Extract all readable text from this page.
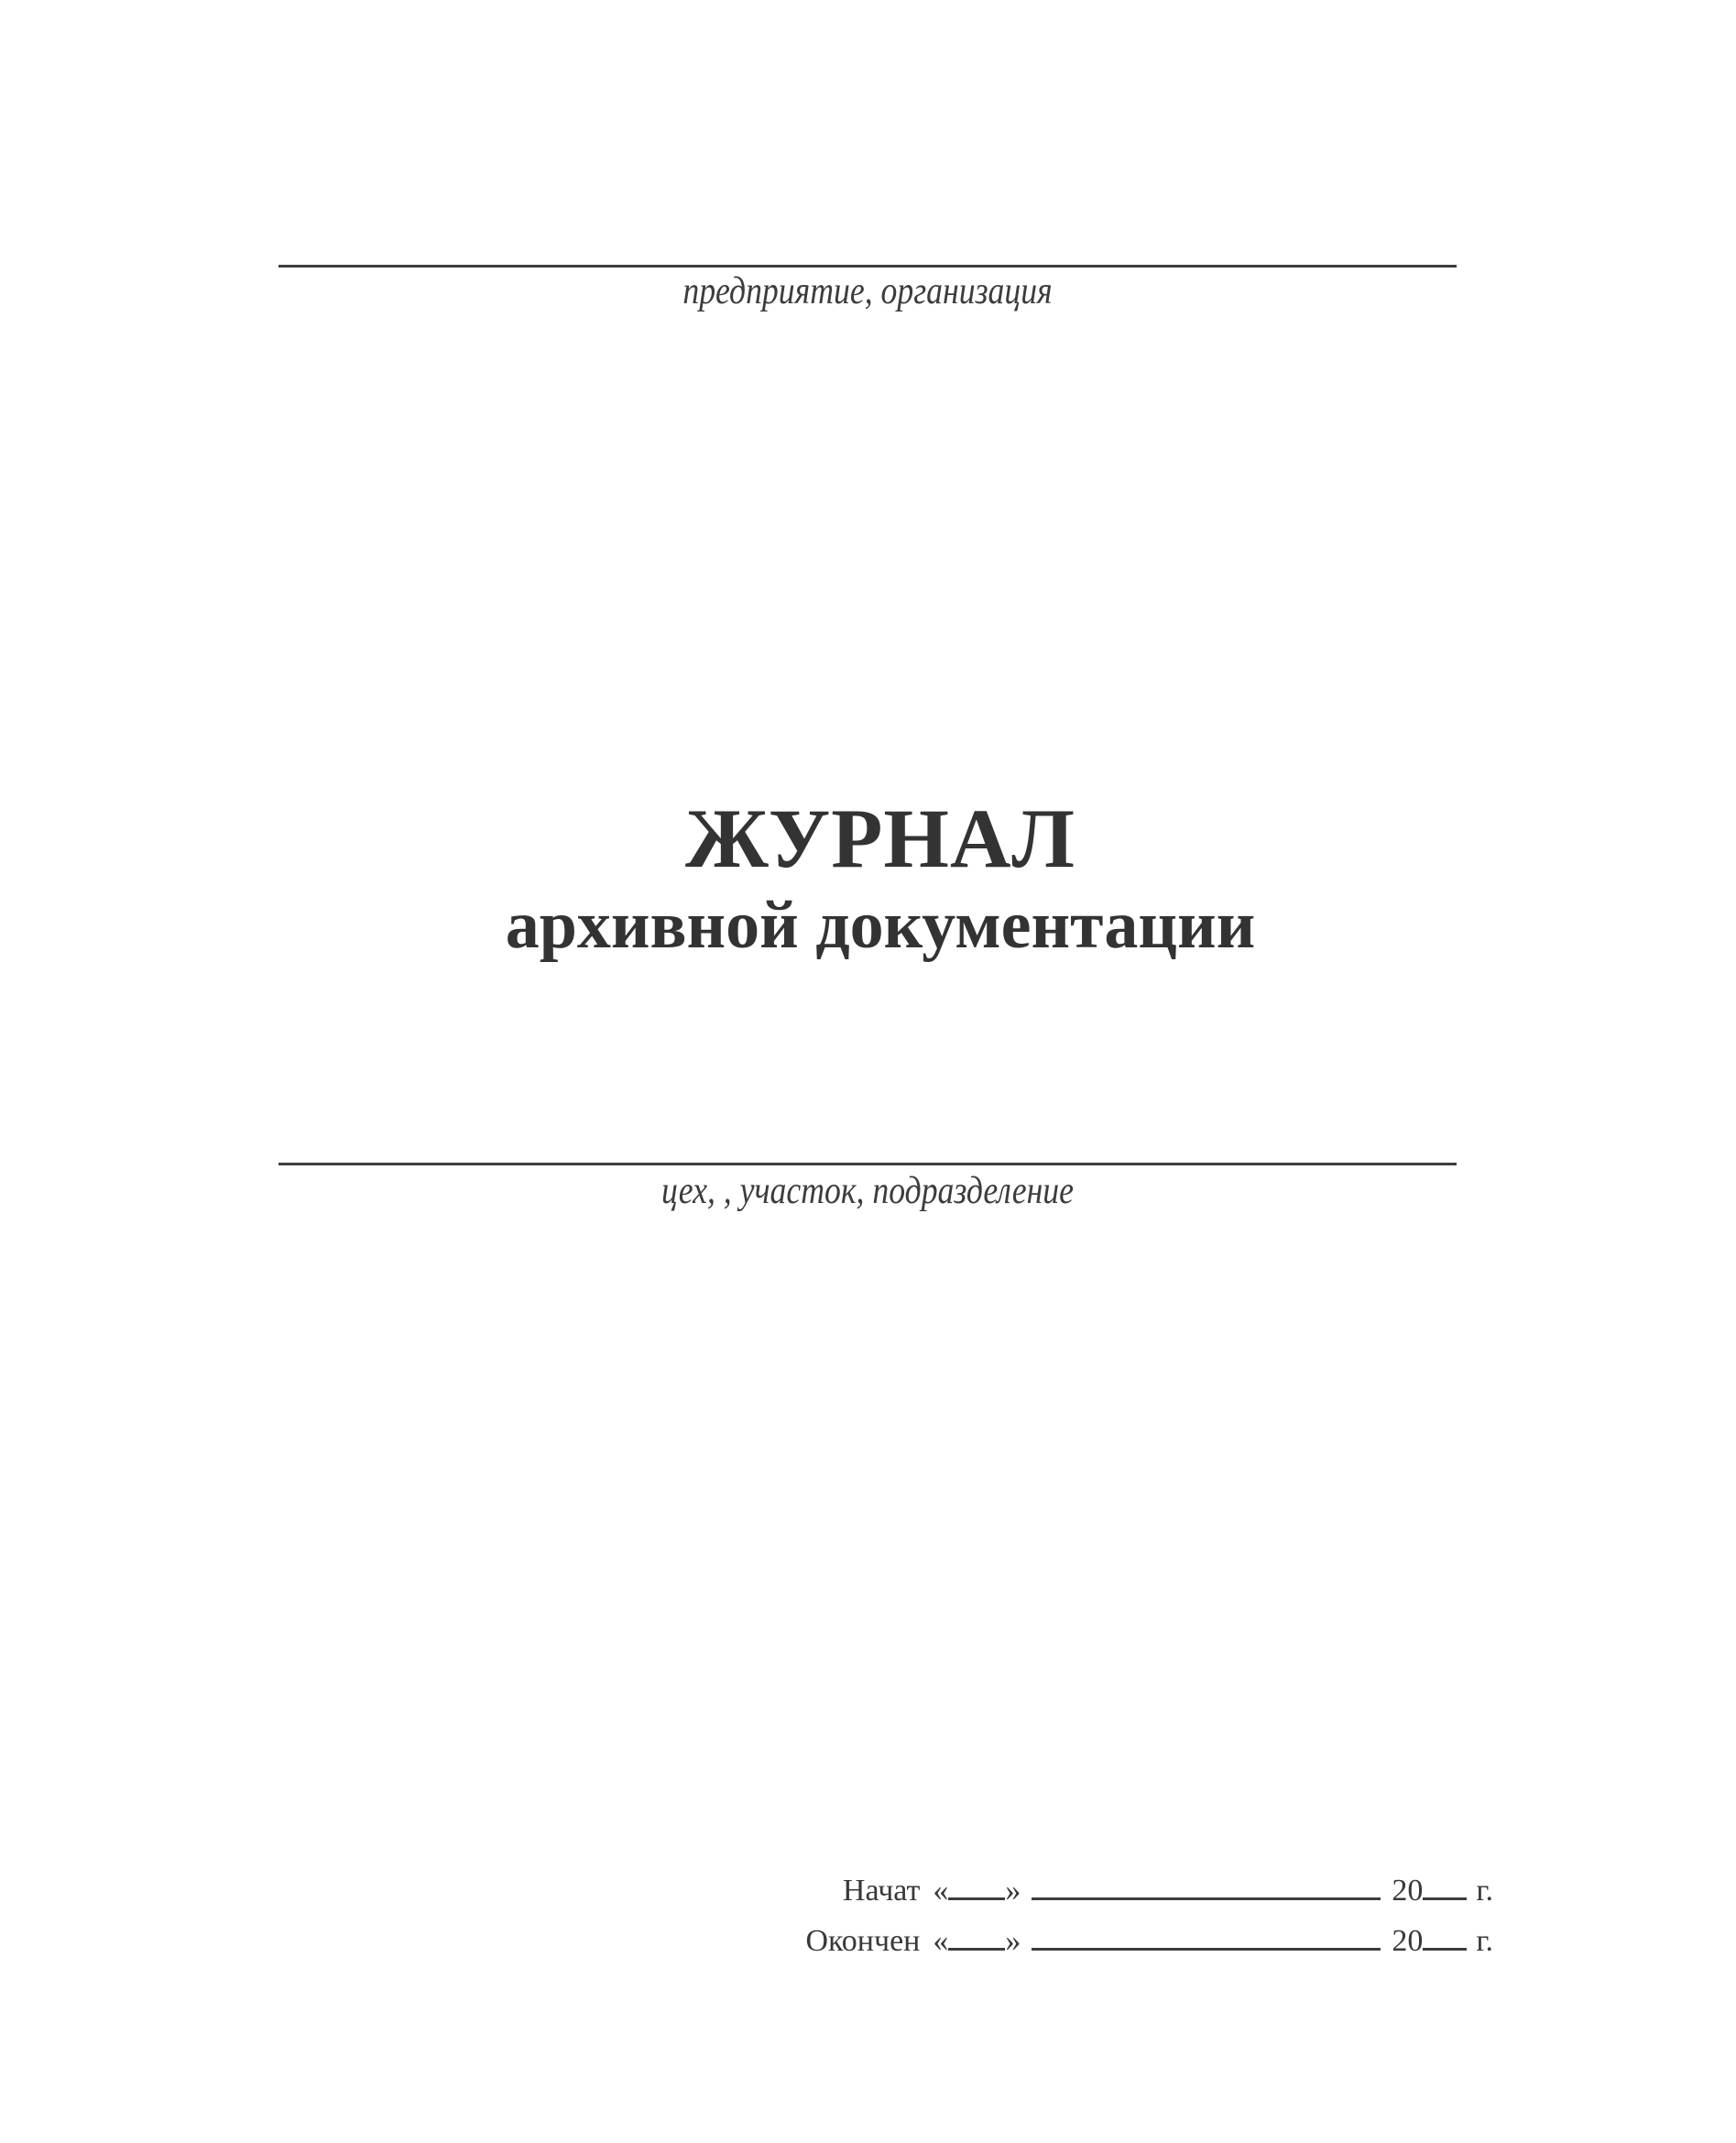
предприятие, организация
ЖУРНАЛ
архивной документации
цех, , участок, подразделение
Начат « »	20 г.
Окончен « »	20 г.
